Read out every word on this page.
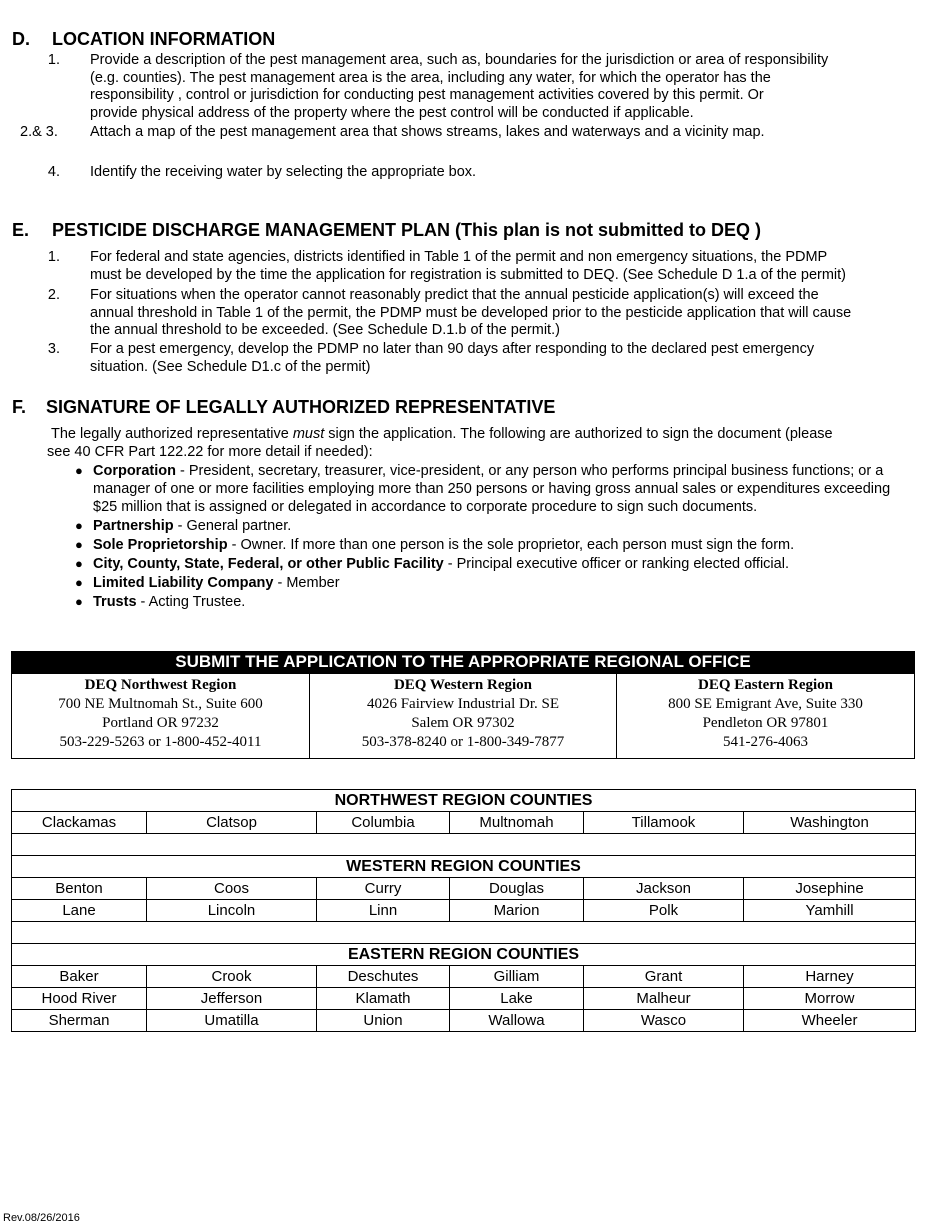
D. LOCATION INFORMATION
1. Provide a description of the pest management area, such as, boundaries for the jurisdiction or area of responsibility
(e.g. counties). The pest management area is the area, including any water, for which the operator has the
responsibility , control or jurisdiction for conducting pest management activities covered by this permit. Or
provide physical address of the property where the pest control will be conducted if applicable.
2.& 3.	Attach a map of the pest management area that shows streams, lakes and waterways and a vicinity map.
4. Identify the receiving water by selecting the appropriate box.
E. PESTICIDE DISCHARGE MANAGEMENT PLAN (This plan is not submitted to DEQ )
1. For federal and state agencies, districts identified in Table 1 of the permit and non emergency situations, the PDMP
must be developed by the time the application for registration is submitted to DEQ. (See Schedule D 1.a of the permit)
2. For situations when the operator cannot reasonably predict that the annual pesticide application(s) will exceed the
annual threshold in Table 1 of the permit, the PDMP must be developed prior to the pesticide application that will cause
the annual threshold to be exceeded. (See Schedule D.1.b of the permit.)
3. For a pest emergency, develop the PDMP no later than 90 days after responding to the declared pest emergency
situation. (See Schedule D1.c of the permit)
F. SIGNATURE OF LEGALLY AUTHORIZED REPRESENTATIVE
The legally authorized representative must sign the application. The following are authorized to sign the document (please
see 40 CFR Part 122.22 for more detail if needed):
● Corporation - President, secretary, treasurer, vice-president, or any person who performs principal business functions; or a manager of one or more facilities employing more than 250 persons or having gross annual sales or expenditures exceeding $25 million that is assigned or delegated in accordance to corporate procedure to sign such documents.
● Partnership - General partner.
● Sole Proprietorship - Owner. If more than one person is the sole proprietor, each person must sign the form.
● City, County, State, Federal, or other Public Facility - Principal executive officer or ranking elected official.
● Limited Liability Company - Member
● Trusts - Acting Trustee.
SUBMIT THE APPLICATION TO THE APPROPRIATE REGIONAL OFFICE
DEQ Northwest Region
700 NE Multnomah St., Suite 600
Portland OR 97232
503-229-5263 or 1-800-452-4011

DEQ Western Region
4026 Fairview Industrial Dr. SE
Salem OR 97302
503-378-8240 or 1-800-349-7877

DEQ Eastern Region
800 SE Emigrant Ave, Suite 330
Pendleton OR 97801
541-276-4063
NORTHWEST REGION COUNTIES					
Clackamas	Clatsop	Columbia	Multnomah	Tillamook	Washington

WESTERN REGION COUNTIES					
Benton	Coos	Curry	Douglas	Jackson	Josephine
Lane	Lincoln	Linn	Marion	Polk	Yamhill

EASTERN REGION COUNTIES					
Baker	Crook	Deschutes	Gilliam	Grant	Harney
Hood River	Jefferson	Klamath	Lake	Malheur	Morrow
Sherman	Umatilla	Union	Wallowa	Wasco	Wheeler
Rev.08/26/2016
